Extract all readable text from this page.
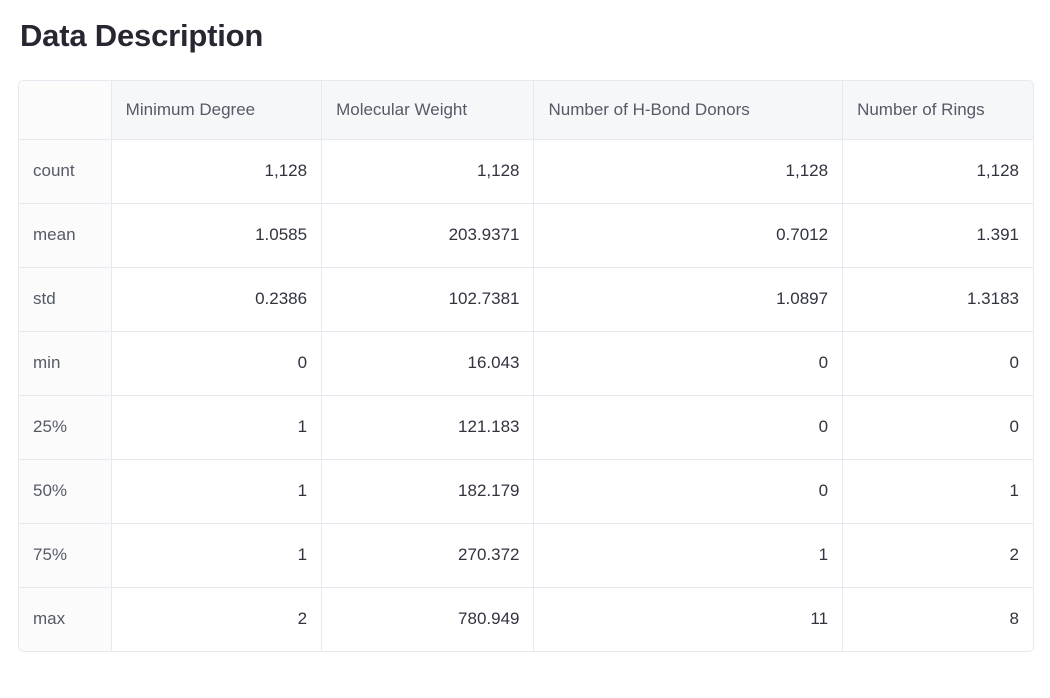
Data Description
	Minimum Degree	Molecular Weight	Number of H-Bond Donors	Number of Rings
count	1,128	1,128	1,128	1,128
mean	1.0585	203.9371	0.7012	1.391
std	0.2386	102.7381	1.0897	1.3183
min	0	16.043	0	0
25%	1	121.183	0	0
50%	1	182.179	0	1
75%	1	270.372	1	2
max	2	780.949	11	8
